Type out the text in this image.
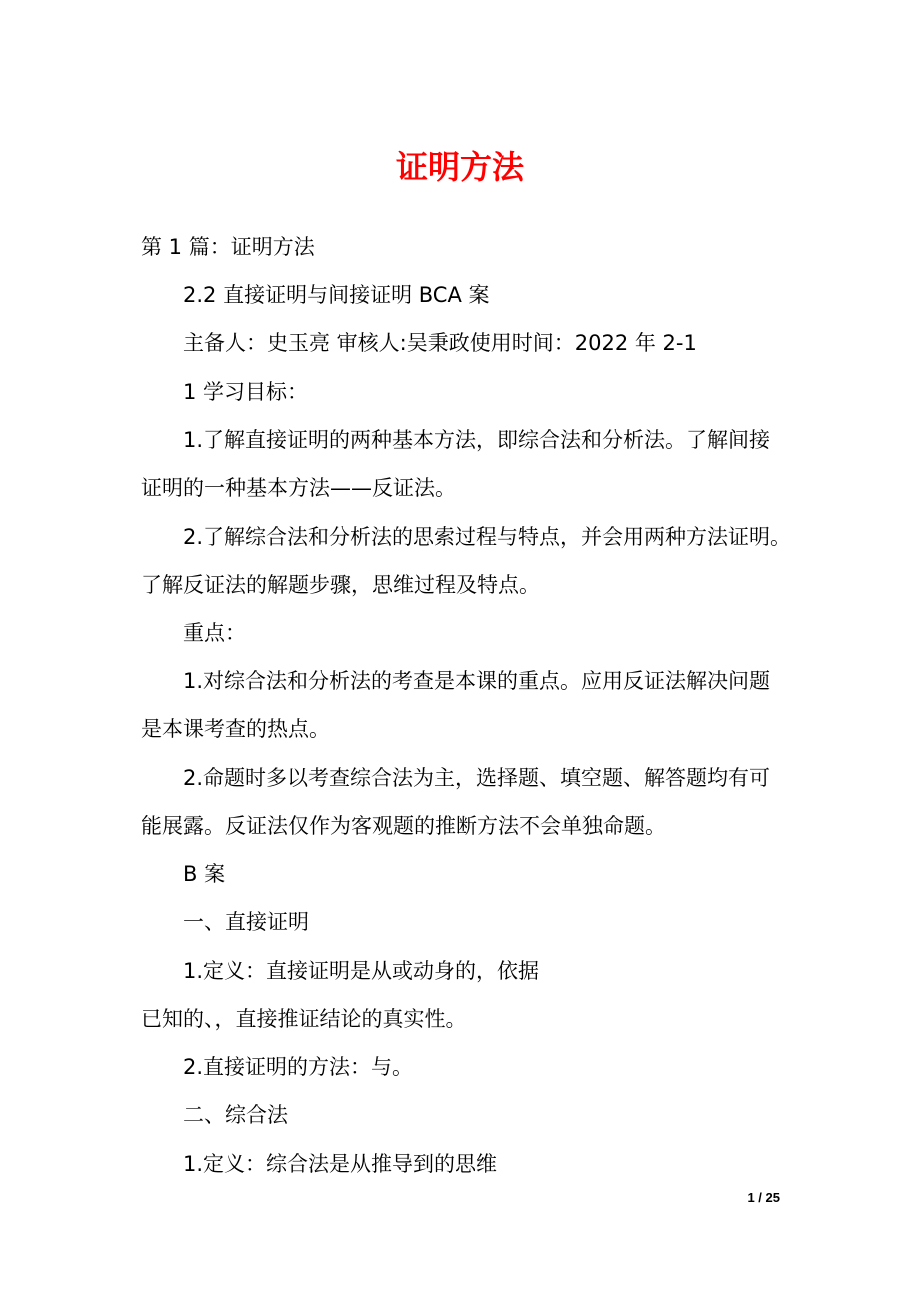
证明方法
第 1 篇：证明方法
2.2 直接证明与间接证明 BCA 案
主备人：史玉亮 审核人:吴秉政使用时间：2022 年 2-1
1 学习目标：
1.了解直接证明的两种基本方法，即综合法和分析法。了解间接
证明的一种基本方法——反证法。
2.了解综合法和分析法的思索过程与特点，并会用两种方法证明。
了解反证法的解题步骤，思维过程及特点。
重点：
1.对综合法和分析法的考查是本课的重点。应用反证法解决问题
是本课考查的热点。
2.命题时多以考查综合法为主，选择题、填空题、解答题均有可
能展露。反证法仅作为客观题的推断方法不会单独命题。
B 案
一、直接证明
1.定义：直接证明是从或动身的，依据
已知的、，直接推证结论的真实性。
2.直接证明的方法：与。
二、综合法
1.定义：综合法是从推导到的思维
1 / 25
